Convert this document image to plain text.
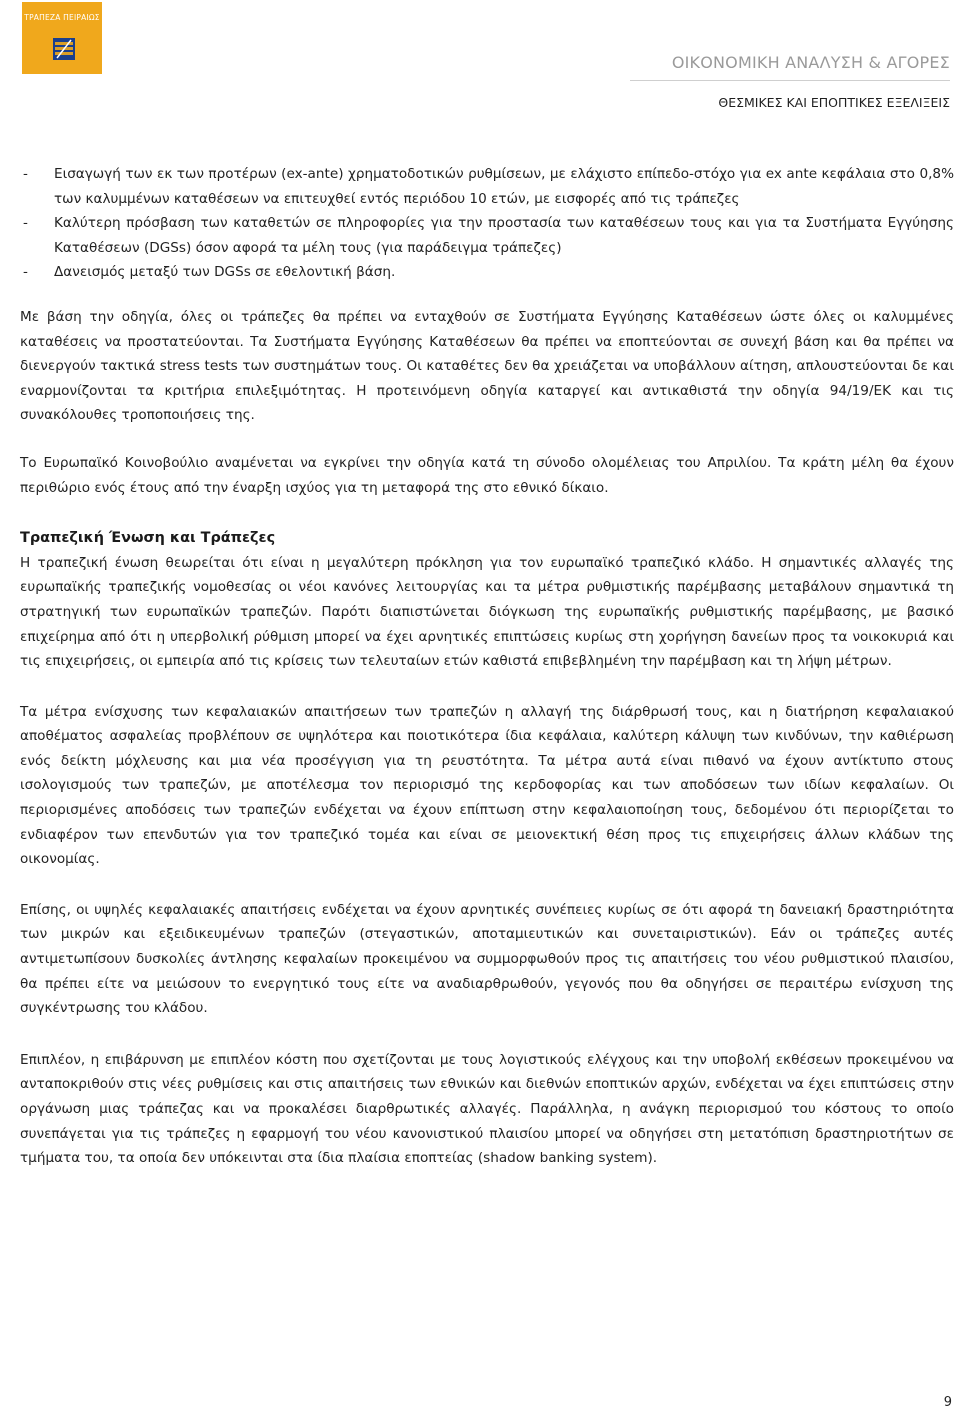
ΤΡΑΠΕΖΑ ΠΕΙΡΑΙΩΣ
ΟΙΚΟΝΟΜΙΚΗ ΑΝΑΛΥΣΗ & ΑΓΟΡΕΣ
ΘΕΣΜΙΚΕΣ ΚΑΙ ΕΠΟΠΤΙΚΕΣ ΕΞΕΛΙΞΕΙΣ
- Εισαγωγή των εκ των προτέρων (ex-ante) χρηματοδοτικών ρυθμίσεων, με ελάχιστο επίπεδο-στόχο για ex ante κεφάλαια στο 0,8% των καλυμμένων καταθέσεων να επιτευχθεί εντός περιόδου 10 ετών, με εισφορές από τις τράπεζες
- Καλύτερη πρόσβαση των καταθετών σε πληροφορίες για την προστασία των καταθέσεων τους και για τα Συστήματα Εγγύησης Καταθέσεων (DGSs) όσον αφορά τα μέλη τους (για παράδειγμα τράπεζες)
- Δανεισμός μεταξύ των DGSs σε εθελοντική βάση.

Με βάση την οδηγία, όλες οι τράπεζες θα πρέπει να ενταχθούν σε Συστήματα Εγγύησης Καταθέσεων ώστε όλες οι καλυμμένες καταθέσεις να προστατεύονται. Τα Συστήματα Εγγύησης Καταθέσεων θα πρέπει να εποπτεύονται σε συνεχή βάση και θα πρέπει να διενεργούν τακτικά stress tests των συστημάτων τους. Οι καταθέτες δεν θα χρειάζεται να υποβάλλουν αίτηση, απλουστεύονται δε και εναρμονίζονται τα κριτήρια επιλεξιμότητας. Η προτεινόμενη οδηγία καταργεί και αντικαθιστά την οδηγία 94/19/ΕΚ και τις συνακόλουθες τροποποιήσεις της.

Το Ευρωπαϊκό Κοινοβούλιο αναμένεται να εγκρίνει την οδηγία κατά τη σύνοδο ολομέλειας του Απριλίου. Τα κράτη μέλη θα έχουν περιθώριο ενός έτους από την έναρξη ισχύος για τη μεταφορά της στο εθνικό δίκαιο.

Τραπεζική Ένωση και Τράπεζες

Η τραπεζική ένωση θεωρείται ότι είναι η μεγαλύτερη πρόκληση για τον ευρωπαϊκό τραπεζικό κλάδο. Η σημαντικές αλλαγές της ευρωπαϊκής τραπεζικής νομοθεσίας οι νέοι κανόνες λειτουργίας και τα μέτρα ρυθμιστικής παρέμβασης μεταβάλουν σημαντικά τη στρατηγική των ευρωπαϊκών τραπεζών. Παρότι διαπιστώνεται διόγκωση της ευρωπαϊκής ρυθμιστικής παρέμβασης, με βασικό επιχείρημα από ότι η υπερβολική ρύθμιση μπορεί να έχει αρνητικές επιπτώσεις κυρίως στη χορήγηση δανείων προς τα νοικοκυριά και τις επιχειρήσεις, οι εμπειρία από τις κρίσεις των τελευταίων ετών καθιστά επιβεβλημένη την παρέμβαση και τη λήψη μέτρων.

Τα μέτρα ενίσχυσης των κεφαλαιακών απαιτήσεων των τραπεζών η αλλαγή της διάρθρωσή τους, και η διατήρηση κεφαλαιακού αποθέματος ασφαλείας προβλέπουν σε υψηλότερα και ποιοτικότερα ίδια κεφάλαια, καλύτερη κάλυψη των κινδύνων, την καθιέρωση ενός δείκτη μόχλευσης και μια νέα προσέγγιση για τη ρευστότητα. Τα μέτρα αυτά είναι πιθανό να έχουν αντίκτυπο στους ισολογισμούς των τραπεζών, με αποτέλεσμα τον περιορισμό της κερδοφορίας και των αποδόσεων των ιδίων κεφαλαίων. Οι περιορισμένες αποδόσεις των τραπεζών ενδέχεται να έχουν επίπτωση στην κεφαλαιοποίηση τους, δεδομένου ότι περιορίζεται το ενδιαφέρον των επενδυτών για τον τραπεζικό τομέα και είναι σε μειονεκτική θέση προς τις επιχειρήσεις άλλων κλάδων της οικονομίας.

Επίσης, οι υψηλές κεφαλαιακές απαιτήσεις ενδέχεται να έχουν αρνητικές συνέπειες κυρίως σε ότι αφορά τη δανειακή δραστηριότητα των μικρών και εξειδικευμένων τραπεζών (στεγαστικών, αποταμιευτικών και συνεταιριστικών). Εάν οι τράπεζες αυτές αντιμετωπίσουν δυσκολίες άντλησης κεφαλαίων προκειμένου να συμμορφωθούν προς τις απαιτήσεις του νέου ρυθμιστικού πλαισίου, θα πρέπει είτε να μειώσουν το ενεργητικό τους είτε να αναδιαρθρωθούν, γεγονός που θα οδηγήσει σε περαιτέρω ενίσχυση της συγκέντρωσης του κλάδου.

Επιπλέον, η επιβάρυνση με επιπλέον κόστη που σχετίζονται με τους λογιστικούς ελέγχους και την υποβολή εκθέσεων προκειμένου να ανταποκριθούν στις νέες ρυθμίσεις και στις απαιτήσεις των εθνικών και διεθνών εποπτικών αρχών, ενδέχεται να έχει επιπτώσεις στην οργάνωση μιας τράπεζας και να προκαλέσει διαρθρωτικές αλλαγές. Παράλληλα, η ανάγκη περιορισμού του κόστους το οποίο συνεπάγεται για τις τράπεζες η εφαρμογή του νέου κανονιστικού πλαισίου μπορεί να οδηγήσει στη μετατόπιση δραστηριοτήτων σε τμήματα του, τα οποία δεν υπόκεινται στα ίδια πλαίσια εποπτείας (shadow banking system).

9
